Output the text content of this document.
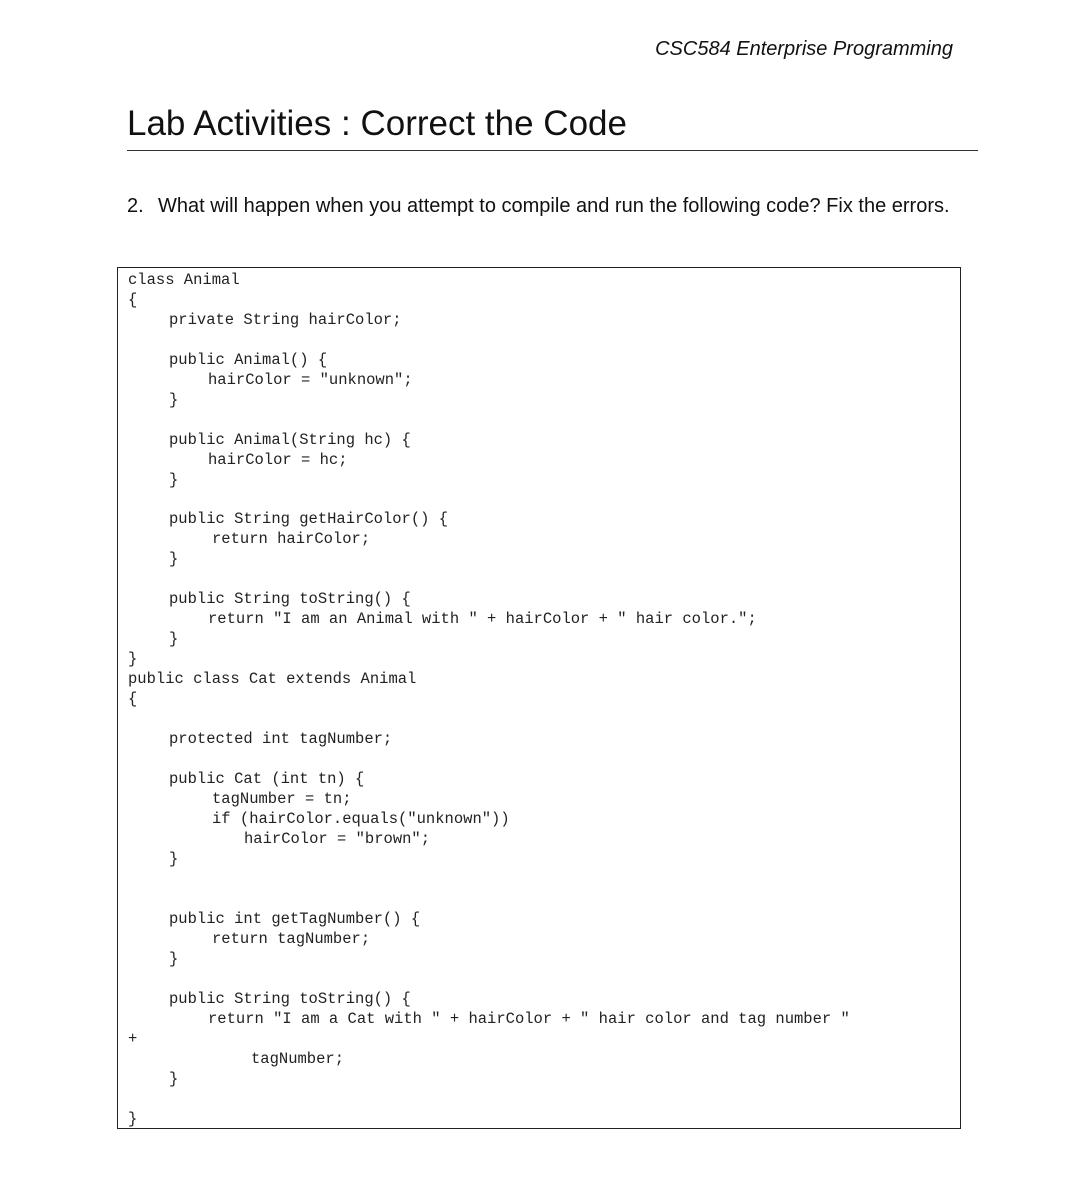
CSC584 Enterprise Programming
Lab Activities : Correct the Code
2. What will happen when you attempt to compile and run the following code? Fix the errors.
class Animal
{
private String hairColor;
public Animal() {
hairColor = "unknown";
}
public Animal(String hc) {
hairColor = hc;
}
public String getHairColor() {
return hairColor;
}
public String toString() {
return "I am an Animal with " + hairColor + " hair color.";
}
}
public class Cat extends Animal
{
protected int tagNumber;
public Cat (int tn) {
tagNumber = tn;
if (hairColor.equals("unknown"))
hairColor = "brown";
}
public int getTagNumber() {
return tagNumber;
}
public String toString() {
return "I am a Cat with " + hairColor + " hair color and tag number "
+
tagNumber;
}
}
